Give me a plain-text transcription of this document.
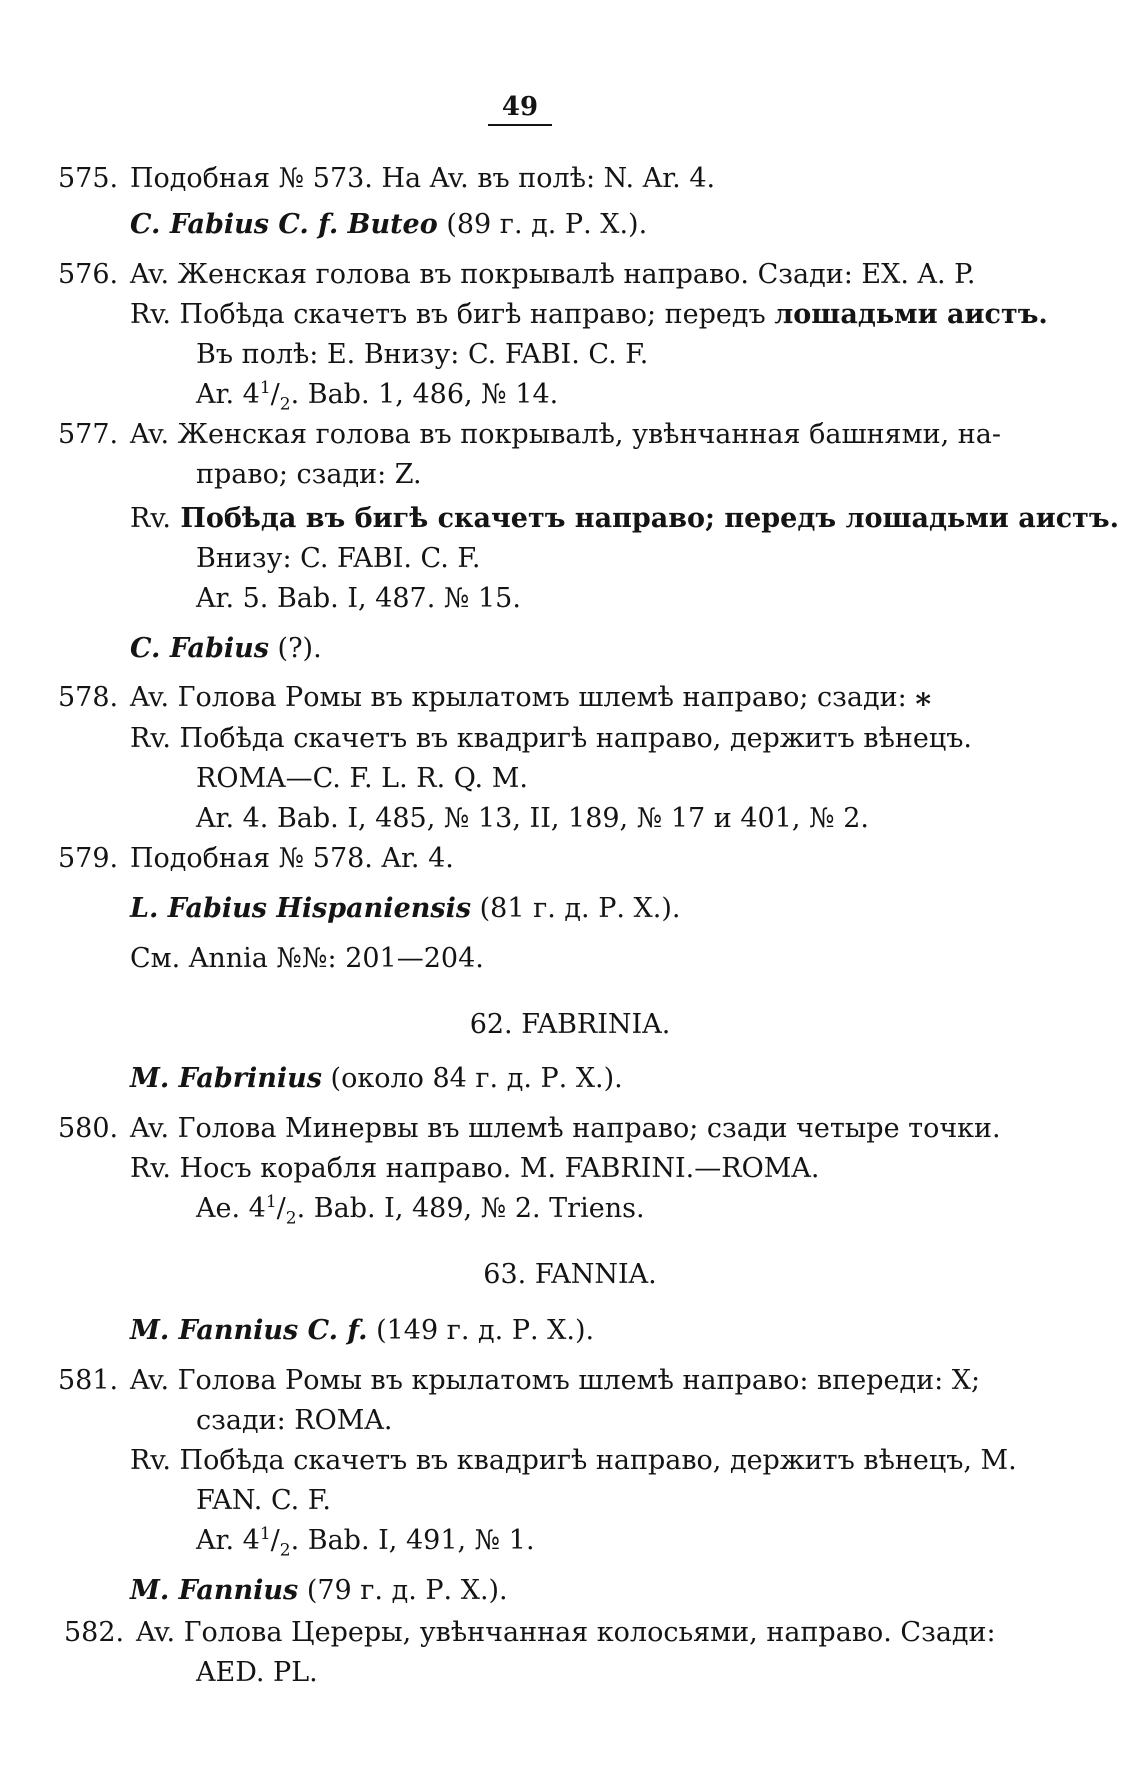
49
575. Подобная № 573. На Av. въ полѣ: N. Ar. 4.
C. Fabius C. f. Buteo (89 г. д. Р. X.).
576. Av. Женская голова въ покрывалѣ направо. Сзади: EX. A. P.
Rv. Побѣда скачетъ въ бигѣ направо; передъ лошадьми аистъ.
Въ полѣ: E. Внизу: C. FABI. C. F.
Ar. $4^1/_2$. Bab. 1, 486, № 14.
577. Av. Женская голова въ покрывалѣ, увѣнчанная башнями, на-
право; сзади: Z.
Rv. Побѣда въ бигѣ скачетъ направо; передъ лошадьми аистъ.
Внизу: C. FABI. C. F.
Ar. 5. Bab. I, 487. № 15.
C. Fabius (?).
578. Av. Голова Ромы въ крылатомъ шлемѣ направо; сзади: ⁎
Rv. Побѣда скачетъ въ квадригѣ направо, держитъ вѣнецъ.
ROMA—C. F. L. R. Q. M.
Ar. 4. Bab. I, 485, № 13, II, 189, № 17 и 401, № 2.
579. Подобная № 578. Ar. 4.
L. Fabius Hispaniensis (81 г. д. Р. X.).
См. Annia №№: 201—204.
62. FABRINIA.
M. Fabrinius (около 84 г. д. Р. X.).
580. Av. Голова Минервы въ шлемѣ направо; сзади четыре точки.
Rv. Носъ корабля направо. M. FABRINI.—ROMA.
Ae. $4^1/_2$. Bab. I, 489, № 2. Triens.
63. FANNIA.
M. Fannius C. f. (149 г. д. Р. X.).
581. Av. Голова Ромы въ крылатомъ шлемѣ направо: впереди: X;
сзади: ROMA.
Rv. Побѣда скачетъ въ квадригѣ направо, держитъ вѣнецъ, M.
FAN. C. F.
Ar. $4^1/_2$. Bab. I, 491, № 1.
M. Fannius (79 г. д. Р. X.).
582. Av. Голова Цереры, увѣнчанная колосьями, направо. Сзади:
AED. PL.
